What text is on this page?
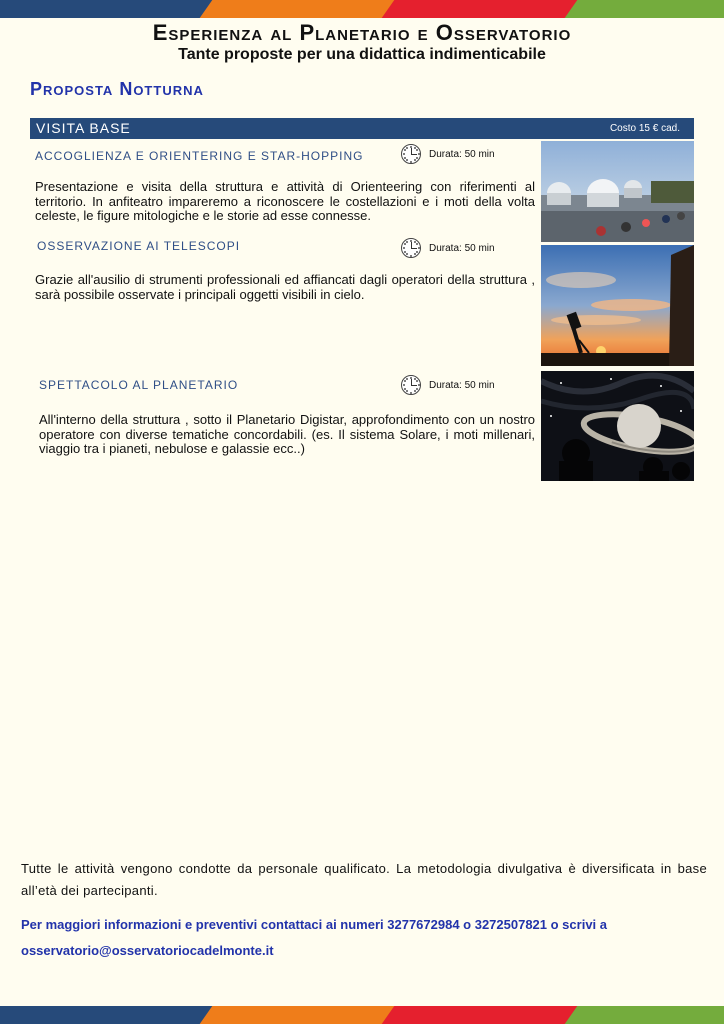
Esperienza al Planetario e Osservatorio

Tante proposte per una didattica indimenticabile

Proposta Notturna
VISITA BASE	Costo 15 € cad.
ACCOGLIENZA E ORIENTERING E STAR-HOPPING	Durata: 50 min

Presentazione e visita della struttura e attività di Orienteering con riferimenti al territorio. In anfiteatro impareremo a riconoscere le costellazioni e i moti della volta celeste, le figure mitologiche e le storie ad esse connesse.

OSSERVAZIONE AI TELESCOPI	Durata: 50 min

Grazie all'ausilio di strumenti professionali ed affiancati dagli operatori della struttura , sarà possibile osservate i principali oggetti visibili in cielo.

SPETTACOLO AL PLANETARIO	Durata: 50 min

All'interno della struttura , sotto il Planetario Digistar, approfondimento con un nostro operatore con diverse tematiche concordabili. (es. Il sistema Solare, i moti millenari, viaggio tra i pianeti, nebulose e galassie ecc..)

Tutte le attività vengono condotte da personale qualificato. La metodologia divulgativa è diversificata in base all’età dei partecipanti.

Per maggiori informazioni e preventivi contattaci ai numeri 3277672984 o 3272507821 o scrivi a
osservatorio@osservatoriocadelmonte.it
